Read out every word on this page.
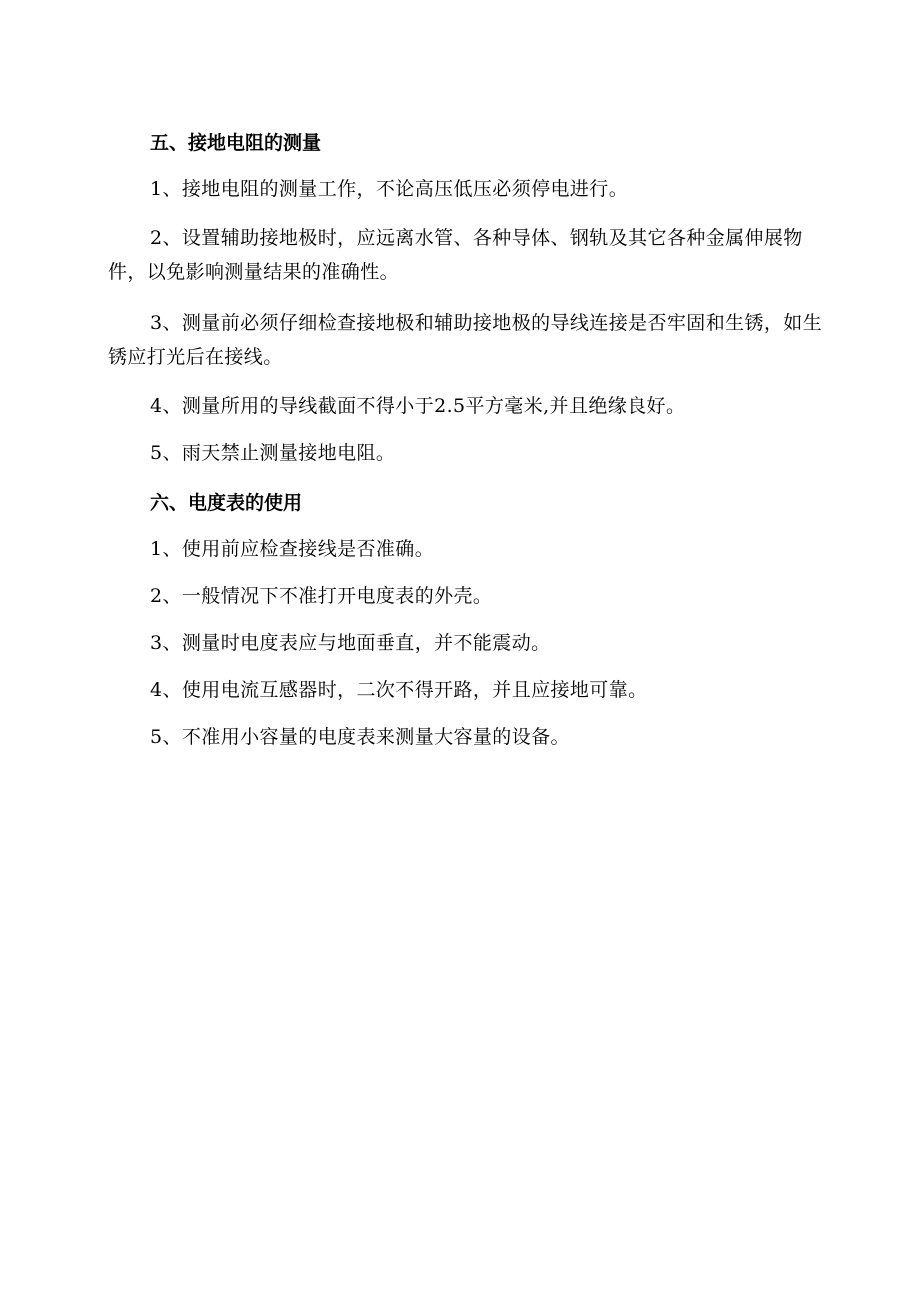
五、接地电阻的测量

1、接地电阻的测量工作，不论高压低压必须停电进行。

2、设置辅助接地极时，应远离水管、各种导体、钢轨及其它各种金属伸展物件，以免影响测量结果的准确性。

3、测量前必须仔细检查接地极和辅助接地极的导线连接是否牢固和生锈，如生锈应打光后在接线。

4、测量所用的导线截面不得小于2.5平方毫米,并且绝缘良好。

5、雨天禁止测量接地电阻。

六、电度表的使用

1、使用前应检查接线是否准确。

2、一般情况下不准打开电度表的外壳。

3、测量时电度表应与地面垂直，并不能震动。

4、使用电流互感器时，二次不得开路，并且应接地可靠。

5、不准用小容量的电度表来测量大容量的设备。
